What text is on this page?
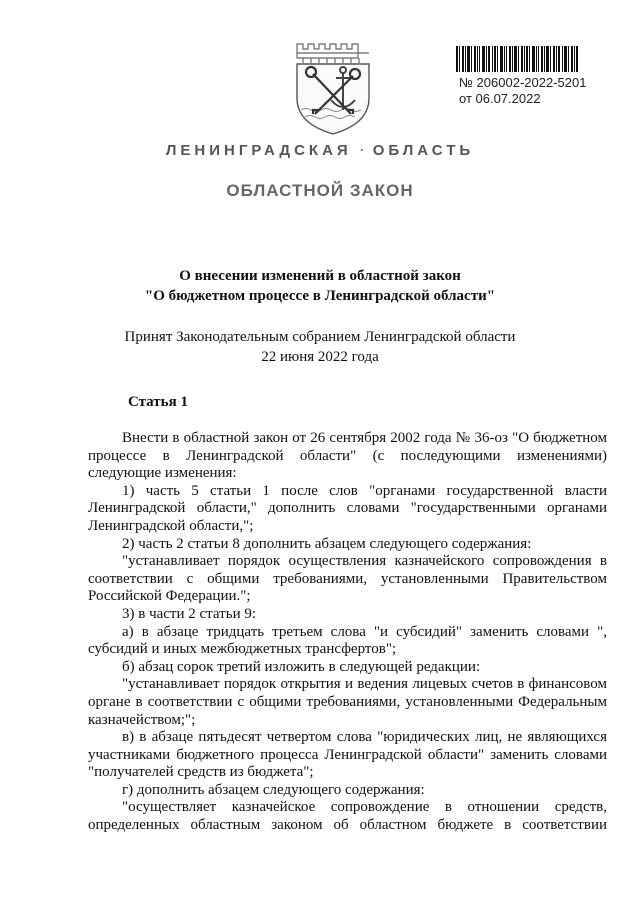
№ 206002-2022-5201
от 06.07.2022
ЛЕНИНГРАДСКАЯ · ОБЛАСТЬ
ОБЛАСТНОЙ ЗАКОН
О внесении изменений в областной закон
"О бюджетном процессе в Ленинградской области"
Принят Законодательным собранием Ленинградской области
22 июня 2022 года
Статья 1

Внести в областной закон от 26 сентября 2002 года № 36-оз "О бюджетном процессе в Ленинградской области" (с последующими изменениями) следующие изменения:

1) часть 5 статьи 1 после слов "органами государственной власти Ленинградской области," дополнить словами "государственными органами Ленинградской области,";

2) часть 2 статьи 8 дополнить абзацем следующего содержания:

"устанавливает порядок осуществления казначейского сопровождения в соответствии с общими требованиями, установленными Правительством Российской Федерации.";

3) в части 2 статьи 9:

а) в абзаце тридцать третьем слова "и субсидий" заменить словами ", субсидий и иных межбюджетных трансфертов";

б) абзац сорок третий изложить в следующей редакции:

"устанавливает порядок открытия и ведения лицевых счетов в финансовом органе в соответствии с общими требованиями, установленными Федеральным казначейством;";

в) в абзаце пятьдесят четвертом слова "юридических лиц, не являющихся участниками бюджетного процесса Ленинградской области" заменить словами "получателей средств из бюджета";

г) дополнить абзацем следующего содержания:

"осуществляет казначейское сопровождение в отношении средств, определенных областным законом об областном бюджете в соответствии
